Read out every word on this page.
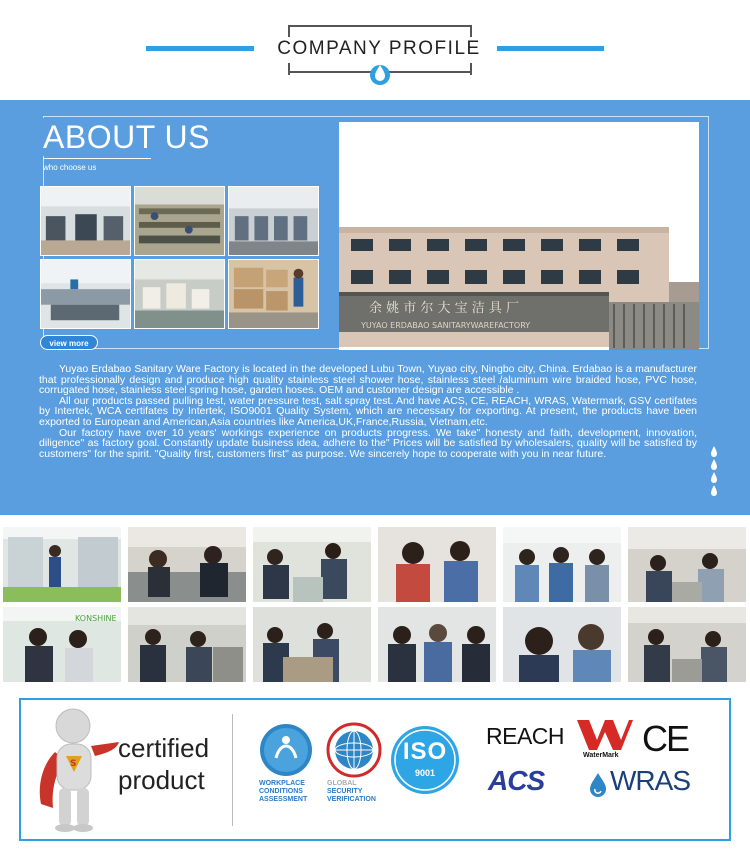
COMPANY PROFILE
ABOUT US
who choose us
view more
余 姚 市 尔 大 宝 洁 具 厂
YUYAO ERDABAO SANITARYWAREFACTORY

Yuyao Erdabao Sanitary Ware Factory is located in the developed Lubu Town, Yuyao city, Ningbo city, China. Erdabao is a manufacturer that professionally design and produce high quality stainless steel shower hose, stainless steel /aluminum wire braided hose, PVC hose, corrugated hose, stainless steel spring hose, garden hoses. OEM and customer design are accessible .

All our products passed pulling test, water pressure test, salt spray test. And have ACS, CE, REACH, WRAS, Watermark, GSV certifates by Intertek, WCA certifates by Intertek, ISO9001 Quality System, which are necessary for exporting. At present, the products have been exported to European and American,Asia countries like America,UK,France,Russia, Vietnam,etc.

Our factory have over 10 years' workings experience on products progress. We take" honesty and faith, development, innovation, diligence" as factory goal. Constantly update business idea, adhere to the" Prices will be satisfied by wholesalers, quality will be satisfied by customers" for the spirit. "Quality first, customers first" as purpose. We sincerely hope to cooperate with you in near future.

KONSHINE
S
certified
product	WORKPLACE
CONDITIONS
ASSESSMENT
GLOBAL
SECURITY
VERIFICATION
ISO
9001
REACH
ACS
WaterMark CE
WRAS
